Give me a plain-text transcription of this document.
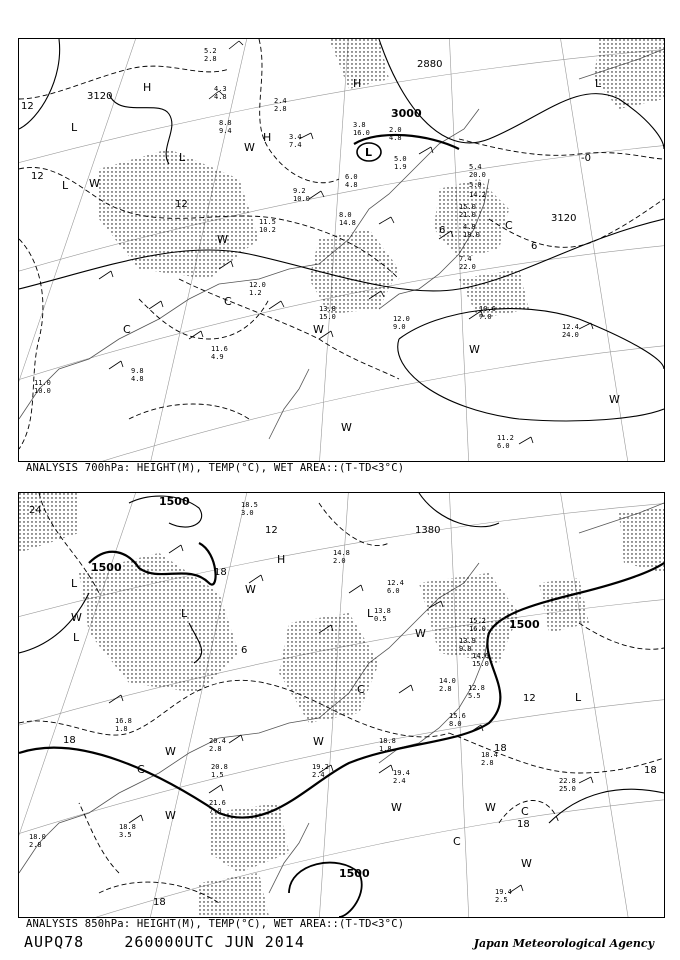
5.2
2.8
4.3
4.8
8.8
9.4
2.4
2.8
3.4
7.4
3.8
16.0	2.0
4.8
5.0
1.9
6.0
4.8
9.2
10.0
8.0
14.8
11.5
10.2
12.0
1.2
13.8
15.0	12.0
9.0
5.4
20.0
5.0
14.2
15.0
21.0
4.8
18.0
7.4
22.0
10.6
7.0
12.4
24.0
11.2
6.0
11.0
10.0
9.8
4.8
11.6
4.9
3120
3000
2880
3120
12
12
12
-0
6
6
H
H
H
L
L
L
L
L
C
C
C
W
W
W
W
W
W
W
ANALYSIS 700hPa: HEIGHT(M), TEMP(°C), WET AREA::(T-TD<3°C)
18.5
3.0
14.8
2.0
12.4
6.0
15.2
16.0
13.8
0.5
14.6
15.0
14.0
2.8
15.6
8.0
12.8
5.5
13.9
9.0
18.8
1.8
20.4
2.8
19.2
2.4	19.4
2.4
18.4
2.8
22.8
25.0
21.6
7.0
20.8
1.5
18.8
3.5
19.4
2.5
18.0
2.8
16.8
1.8
1500
1500
1500
1500
1380
24
18
18
12
12
18
18
18
18
6
H
L
L
L	L
L
C
C
C
C
W
W
W
W
W
W	W
W
W
ANALYSIS 850hPa: HEIGHT(M), TEMP(°C), WET AREA::(T-TD<3°C)
AUPQ78	260000UTC JUN 2014	Japan Meteorological Agency
